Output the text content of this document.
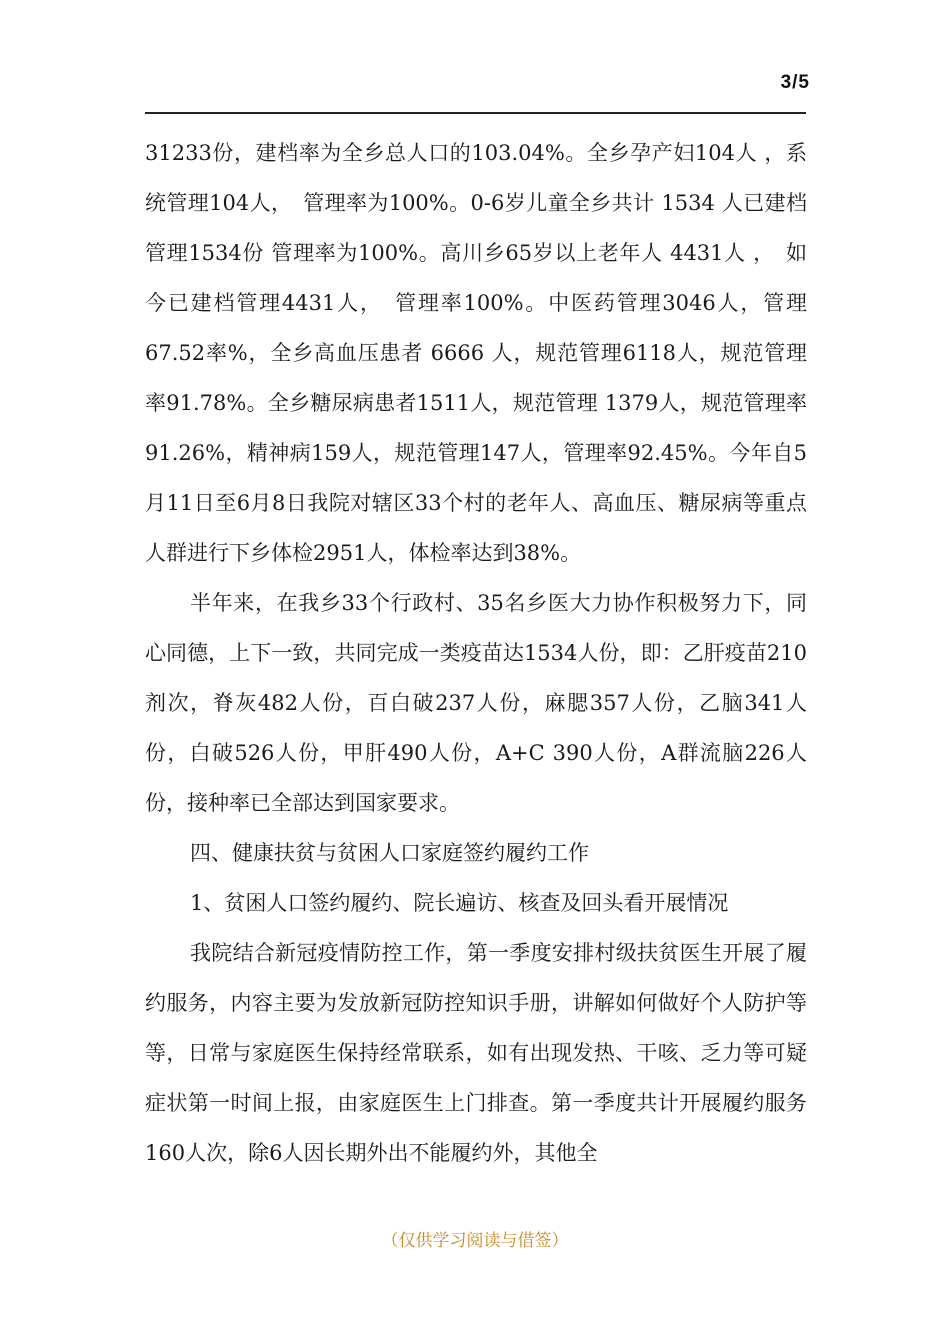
3/5

31233份，建档率为全乡总人口的103.04%。全乡孕产妇104人 ，系统管理104人，　管理率为100%。0-6岁儿童全乡共计 1534 人已建档管理1534份 管理率为100%。高川乡65岁以上老年人 4431人 ，　如今已建档管理4431人，　管理率100%。中医药管理3046人，管理67.52率%，全乡高血压患者 6666 人，规范管理6118人，规范管理率91.78%。全乡糖尿病患者1511人，规范管理 1379人，规范管理率91.26%，精神病159人，规范管理147人，管理率92.45%。今年自5月11日至6月8日我院对辖区33个村的老年人、高血压、糖尿病等重点人群进行下乡体检2951人，体检率达到38%。

半年来，在我乡33个行政村、35名乡医大力协作积极努力下，同心同德，上下一致，共同完成一类疫苗达1534人份，即：乙肝疫苗210剂次，脊灰482人份，百白破237人份，麻腮357人份，乙脑341人份，白破526人份，甲肝490人份，A+C 390人份，A群流脑226人份，接种率已全部达到国家要求。

四、健康扶贫与贫困人口家庭签约履约工作

1、贫困人口签约履约、院长遍访、核查及回头看开展情况

我院结合新冠疫情防控工作，第一季度安排村级扶贫医生开展了履约服务，内容主要为发放新冠防控知识手册，讲解如何做好个人防护等等，日常与家庭医生保持经常联系，如有出现发热、干咳、乏力等可疑症状第一时间上报，由家庭医生上门排查。第一季度共计开展履约服务160人次，除6人因长期外出不能履约外，其他全

（仅供学习阅读与借签）
